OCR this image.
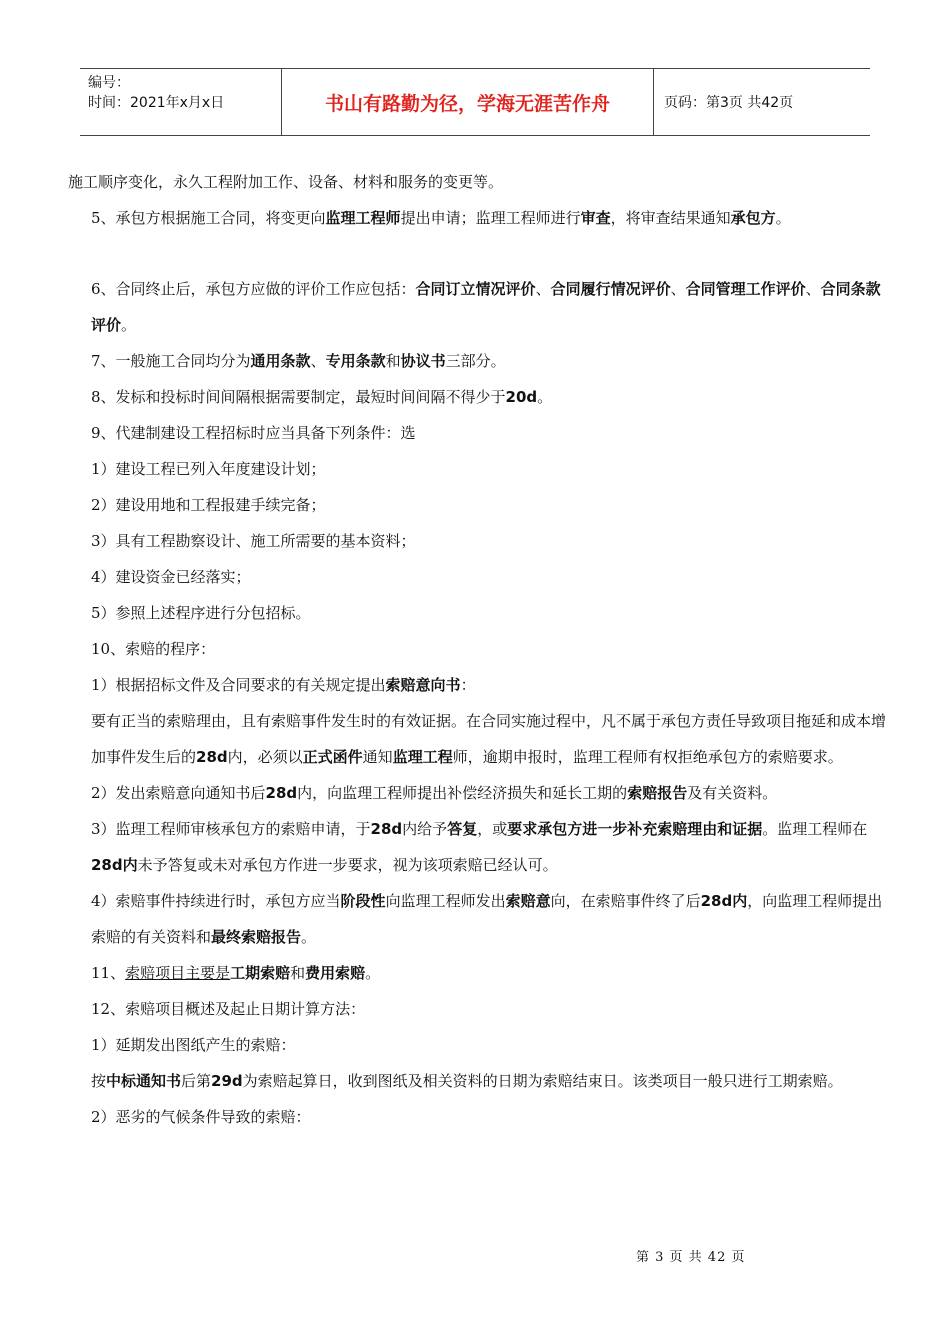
编号：
时间：2021年x月x日	书山有路勤为径，学海无涯苦作舟	页码：第3页 共42页

施工顺序变化，永久工程附加工作、设备、材料和服务的变更等。

5、承包方根据施工合同，将变更向监理工程师提出申请；监理工程师进行审查，将审查结果通知承包方。

6、合同终止后，承包方应做的评价工作应包括：合同订立情况评价、合同履行情况评价、合同管理工作评价、合同条款评价。

7、一般施工合同均分为通用条款、专用条款和协议书三部分。

8、发标和投标时间间隔根据需要制定，最短时间间隔不得少于20d。

9、代建制建设工程招标时应当具备下列条件：选

1）建设工程已列入年度建设计划；

2）建设用地和工程报建手续完备；

3）具有工程勘察设计、施工所需要的基本资料；

4）建设资金已经落实；

5）参照上述程序进行分包招标。

10、索赔的程序：

1）根据招标文件及合同要求的有关规定提出索赔意向书：

要有正当的索赔理由，且有索赔事件发生时的有效证据。在合同实施过程中，凡不属于承包方责任导致项目拖延和成本增加事件发生后的28d内，必须以正式函件通知监理工程师，逾期申报时，监理工程师有权拒绝承包方的索赔要求。

2）发出索赔意向通知书后28d内，向监理工程师提出补偿经济损失和延长工期的索赔报告及有关资料。

3）监理工程师审核承包方的索赔申请，于28d内给予答复，或要求承包方进一步补充索赔理由和证据。监理工程师在28d内未予答复或未对承包方作进一步要求，视为该项索赔已经认可。

4）索赔事件持续进行时，承包方应当阶段性向监理工程师发出索赔意向，在索赔事件终了后28d内，向监理工程师提出索赔的有关资料和最终索赔报告。

11、索赔项目主要是工期索赔和费用索赔。

12、索赔项目概述及起止日期计算方法：

1）延期发出图纸产生的索赔：

按中标通知书后第29d为索赔起算日，收到图纸及相关资料的日期为索赔结束日。该类项目一般只进行工期索赔。

2）恶劣的气候条件导致的索赔：

第 3 页 共 42 页
